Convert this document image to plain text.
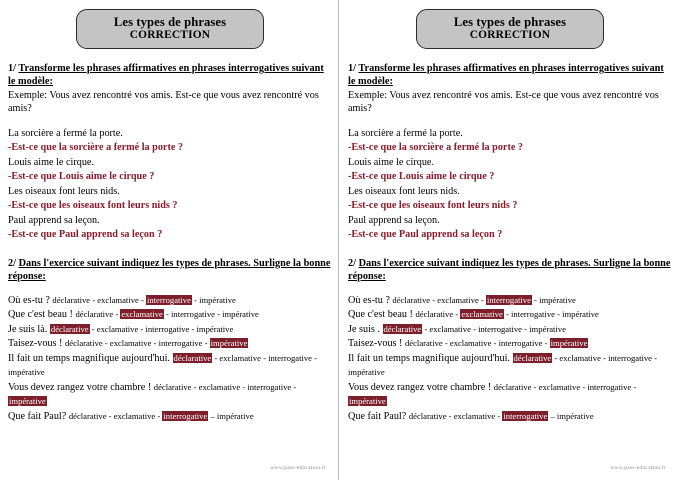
Les types de phrases
CORRECTION
1/ Transforme les phrases affirmatives en phrases interrogatives suivant le modèle:
Exemple: Vous avez rencontré vos amis. Est-ce que vous avez rencontré vos amis?
La sorcière a fermé la porte.
-Est-ce que la sorcière a fermé la porte ?
Louis aime le cirque.
-Est-ce que Louis aime le cirque ?
Les oiseaux font leurs nids.
-Est-ce que les oiseaux font leurs nids ?
Paul apprend sa leçon.
-Est-ce que Paul apprend sa leçon ?
2/ Dans l'exercice suivant indiquez les types de phrases. Surligne la bonne réponse:
Où es-tu ? déclarative - exclamative - interrogative - impérative
Que c'est beau ! déclarative - exclamative - interrogative - impérative
Je suis là. déclarative - exclamative - interrogative - impérative
Taisez-vous ! déclarative - exclamative - interrogative - impérative
Il fait un temps magnifique aujourd'hui. déclarative - exclamative - interrogative - impérative
Vous devez rangez votre chambre ! déclarative - exclamative - interrogative - impérative
Que fait Paul? déclarative - exclamative - interrogative – impérative
www.pass-education.fr
Les types de phrases
CORRECTION
1/ Transforme les phrases affirmatives en phrases interrogatives suivant le modèle:
Exemple: Vous avez rencontré vos amis. Est-ce que vous avez rencontré vos amis?
La sorcière a fermé la porte.
-Est-ce que la sorcière a fermé la porte ?
Louis aime le cirque.
-Est-ce que Louis aime le cirque ?
Les oiseaux font leurs nids.
-Est-ce que les oiseaux font leurs nids ?
Paul apprend sa leçon.
-Est-ce que Paul apprend sa leçon ?
2/ Dans l'exercice suivant indiquez les types de phrases. Surligne la bonne réponse:
Où es-tu ? déclarative - exclamative - interrogative - impérative
Que c'est beau ! déclarative - exclamative - interrogative - impérative
Je suis . déclarative - exclamative - interrogative - impérative
Taisez-vous ! déclarative - exclamative - interrogative - impérative
Il fait un temps magnifique aujourd'hui. déclarative - exclamative - interrogative - impérative
Vous devez rangez votre chambre ! déclarative - exclamative - interrogative - impérative
Que fait Paul? déclarative - exclamative - interrogative – impérative
www.pass-education.fr
